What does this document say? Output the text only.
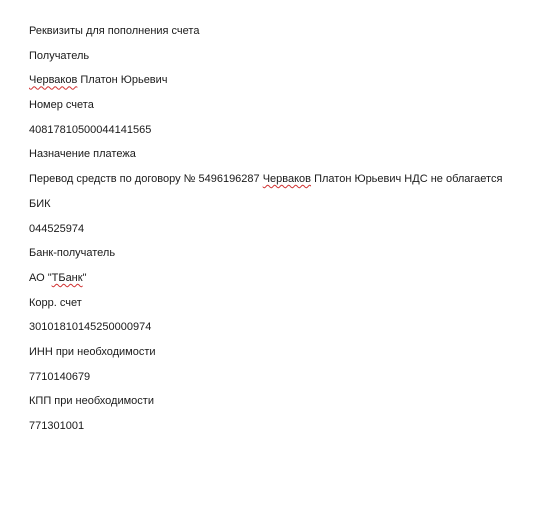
Реквизиты для пополнения счета
Получатель
Черваков Платон Юрьевич
Номер счета
40817810500044141565
Назначение платежа
Перевод средств по договору № 5496196287 Черваков Платон Юрьевич НДС не облагается
БИК
044525974
Банк-получатель
АО "ТБанк"
Корр. счет
30101810145250000974
ИНН при необходимости
7710140679
КПП при необходимости
771301001
